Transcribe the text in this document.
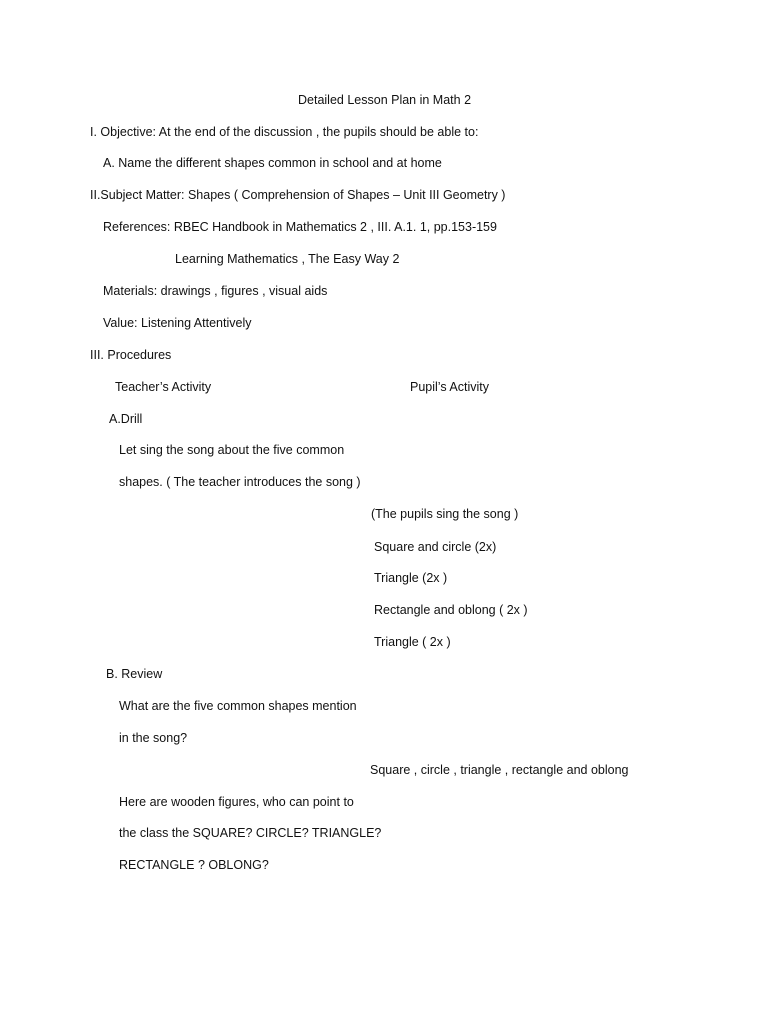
Detailed Lesson Plan in Math 2
I. Objective: At the end of the discussion , the pupils should be able to:
A. Name the different shapes common in school and at home
II.Subject Matter: Shapes ( Comprehension of Shapes – Unit III Geometry )
References: RBEC Handbook in Mathematics 2 , III. A.1. 1, pp.153-159
Learning Mathematics , The Easy Way 2
Materials: drawings , figures , visual aids
Value: Listening Attentively
III. Procedures
Teacher’s Activity	Pupil’s Activity
A.Drill
Let sing the song about the five common
shapes. ( The teacher introduces the song )
(The pupils sing the song )
Square and circle (2x)
Triangle (2x )
Rectangle and oblong ( 2x )
Triangle ( 2x )
B. Review
What are the five common shapes mention
in the song?
Square , circle , triangle , rectangle and oblong
Here are wooden figures, who can point to
the class the SQUARE? CIRCLE? TRIANGLE?
RECTANGLE ? OBLONG?
